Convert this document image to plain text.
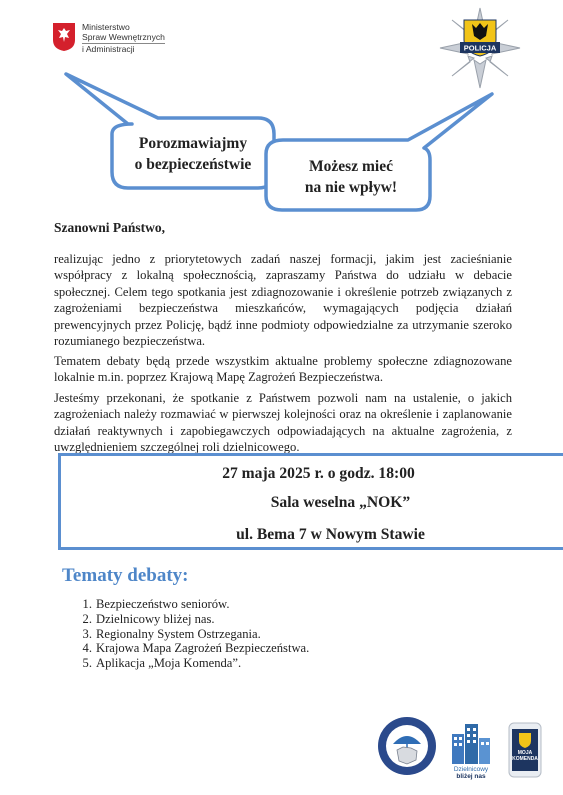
Ministerstwo
Spraw Wewnętrznych
i Administracji	POLICJA
Porozmawiajmy
o bezpieczeństwie	Możesz mieć
na nie wpływ!
Szanowni Państwo,
realizując jedno z priorytetowych zadań naszej formacji, jakim jest zacieśnianie współpracy z lokalną społecznością, zapraszamy Państwa do udziału w debacie społecznej. Celem tego spotkania jest zdiagnozowanie i określenie potrzeb związanych z zagrożeniami bezpieczeństwa mieszkańców, wymagających podjęcia działań prewencyjnych przez Policję, bądź inne podmioty odpowiedzialne za utrzymanie szeroko rozumianego bezpieczeństwa.
Tematem debaty będą przede wszystkim aktualne problemy społeczne zdiagnozowane lokalnie m.in. poprzez Krajową Mapę Zagrożeń Bezpieczeństwa.
Jesteśmy przekonani, że spotkanie z Państwem pozwoli nam na ustalenie, o jakich zagrożeniach należy rozmawiać w pierwszej kolejności oraz na określenie i zaplanowanie działań reaktywnych i zapobiegawczych odpowiadających na aktualne zagrożenia, z uwzględnieniem szczególnej roli dzielnicowego.
27 maja 2025 r. o godz. 18:00
Sala weselna „NOK”
ul. Bema 7 w Nowym Stawie
Tematy debaty:
1. Bezpieczeństwo seniorów.
2. Dzielnicowy bliżej nas.
3. Regionalny System Ostrzegania.
4. Krajowa Mapa Zagrożeń Bezpieczeństwa.
5. Aplikacja „Moja Komenda”.
Dzielnicowy
bliżej nas
MOJA
KOMENDA
